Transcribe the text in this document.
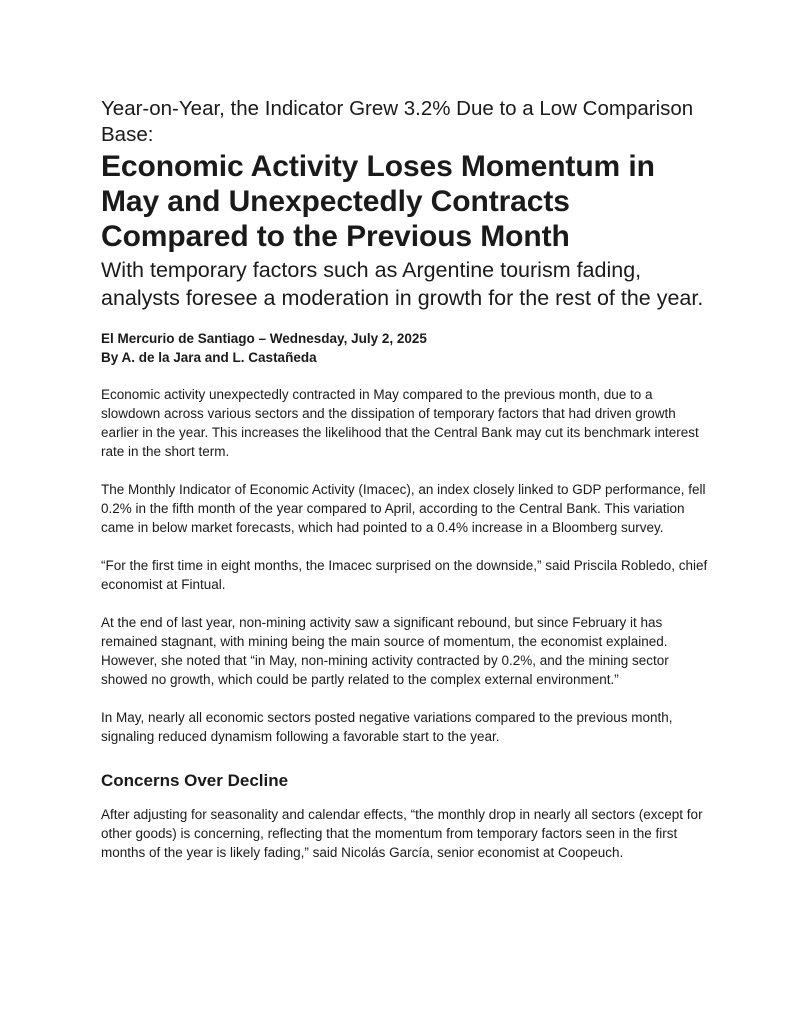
Year-on-Year, the Indicator Grew 3.2% Due to a Low Comparison Base:
Economic Activity Loses Momentum in May and Unexpectedly Contracts Compared to the Previous Month
With temporary factors such as Argentine tourism fading, analysts foresee a moderation in growth for the rest of the year.
El Mercurio de Santiago – Wednesday, July 2, 2025
By A. de la Jara and L. Castañeda

Economic activity unexpectedly contracted in May compared to the previous month, due to a slowdown across various sectors and the dissipation of temporary factors that had driven growth earlier in the year. This increases the likelihood that the Central Bank may cut its benchmark interest rate in the short term.

The Monthly Indicator of Economic Activity (Imacec), an index closely linked to GDP performance, fell 0.2% in the fifth month of the year compared to April, according to the Central Bank. This variation came in below market forecasts, which had pointed to a 0.4% increase in a Bloomberg survey.

“For the first time in eight months, the Imacec surprised on the downside,” said Priscila Robledo, chief economist at Fintual.

At the end of last year, non-mining activity saw a significant rebound, but since February it has remained stagnant, with mining being the main source of momentum, the economist explained. However, she noted that “in May, non-mining activity contracted by 0.2%, and the mining sector showed no growth, which could be partly related to the complex external environment.”

In May, nearly all economic sectors posted negative variations compared to the previous month, signaling reduced dynamism following a favorable start to the year.

Concerns Over Decline

After adjusting for seasonality and calendar effects, “the monthly drop in nearly all sectors (except for other goods) is concerning, reflecting that the momentum from temporary factors seen in the first months of the year is likely fading,” said Nicolás García, senior economist at Coopeuch.
